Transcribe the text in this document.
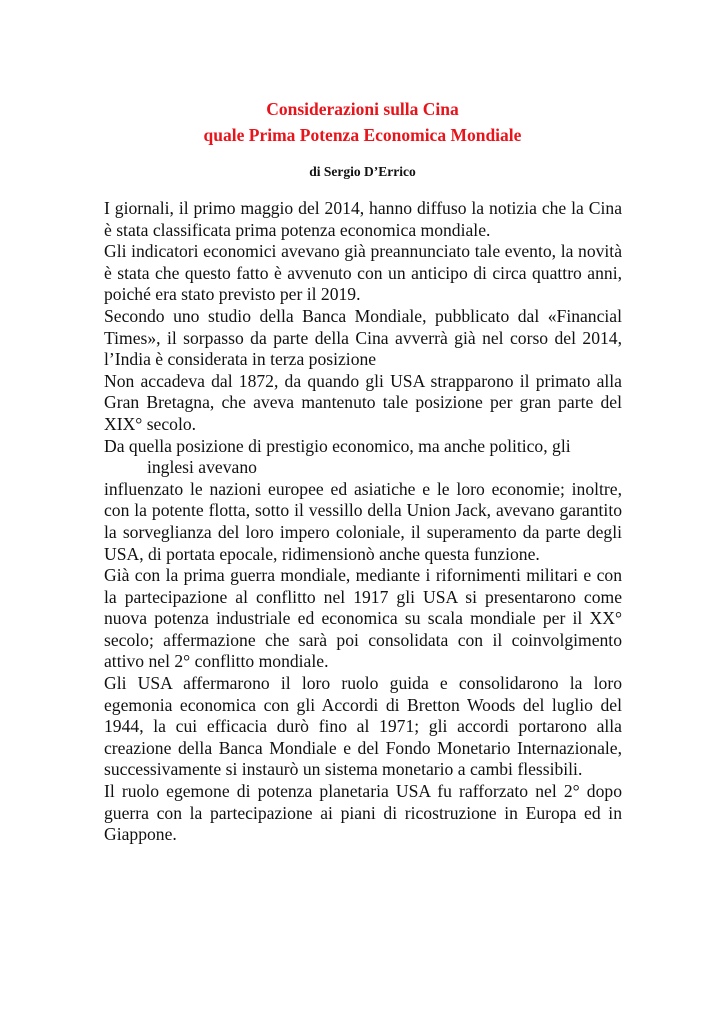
Considerazioni sulla Cina
quale Prima Potenza Economica Mondiale
di Sergio D’Errico

I giornali, il primo maggio del 2014, hanno diffuso la notizia che la Cina è stata classificata prima potenza economica mondiale.

Gli indicatori economici avevano già preannunciato tale evento, la novità è stata che questo fatto è avvenuto con un anticipo di circa quattro anni, poiché era stato previsto per il 2019.

Secondo uno studio della Banca Mondiale, pubblicato dal «Financial Times», il sorpasso da parte della Cina avverrà già nel corso del 2014, l’India è considerata in terza posizione

Non accadeva dal 1872, da quando gli USA strapparono il primato alla Gran Bretagna, che aveva mantenuto tale posizione per gran parte del XIX° secolo.

Da quella posizione di prestigio economico, ma anche politico, gli

inglesi avevano

influenzato le nazioni europee ed asiatiche e le loro economie; inoltre, con la potente flotta, sotto il vessillo della Union Jack, avevano garantito la sorveglianza del loro impero coloniale, il superamento da parte degli USA, di portata epocale, ridimensionò anche questa funzione.

Già con la prima guerra mondiale, mediante i rifornimenti militari e con la partecipazione al conflitto nel 1917 gli USA si presentarono come nuova potenza industriale ed economica su scala mondiale per il XX° secolo; affermazione che sarà poi consolidata con il coinvolgimento attivo nel 2° conflitto mondiale.

Gli USA affermarono il loro ruolo guida e consolidarono la loro egemonia economica con gli Accordi di Bretton Woods del luglio del 1944, la cui efficacia durò fino al 1971; gli accordi portarono alla creazione della Banca Mondiale e del Fondo Monetario Internazionale, successivamente si instaurò un sistema monetario a cambi flessibili.

Il ruolo egemone di potenza planetaria USA fu rafforzato nel 2° dopo guerra con la partecipazione ai piani di ricostruzione in Europa ed in Giappone.
